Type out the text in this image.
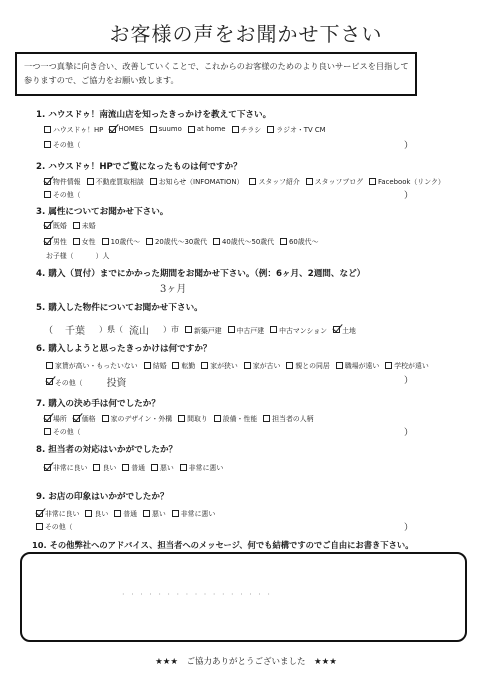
お客様の声をお聞かせ下さい
一つ一つ真摯に向き合い、改善していくことで、これからのお客様のためのより良いサービスを目指して
参りますので、ご協力をお願い致します。
1. ハウスドゥ！南流山店を知ったきっかけを教えて下さい。
ハウスドゥ！HP HOMES suumo at home チラシ ラジオ・TV CM
その他（	）
2. ハウスドゥ！HPでご覧になったものは何ですか？
物件情報 不動産買取相談 お知らせ（INFOMATION） スタッフ紹介 スタッフブログ Facebook（リンク）
その他（	）
3. 属性についてお聞かせ下さい。
既婚 未婚
男性 女性 10歳代～ 20歳代～30歳代 40歳代～50歳代 60歳代～
お子様（	）人
4. 購入（買付）までにかかった期間をお聞かせ下さい。（例：6ヶ月、2週間、など）
3ヶ月
5. 購入した物件についてお聞かせ下さい。
（ 千葉 ）県（ 流山 ）市 新築戸建 中古戸建 中古マンション 土地
6. 購入しようと思ったきっかけは何ですか？
家賃が高い・もったいない 結婚 転勤 家が狭い 家が古い 親との同居 職場が遠い 学校が遠い
その他（ 投資	）
7. 購入の決め手は何でしたか？
場所 価格 家のデザイン・外構 間取り 設備・性能 担当者の人柄
その他（	）
8. 担当者の対応はいかがでしたか？
非常に良い 良い 普通 悪い 非常に悪い
9. お店の印象はいかがでしたか？
非常に良い 良い 普通 悪い 非常に悪い
その他（	）
10. その他弊社へのアドバイス、担当者へのメッセージ、何でも結構ですのでご自由にお書き下さい。
· · · · · · · · · · · · · · · · ·
★★★　ご協力ありがとうございました　★★★
